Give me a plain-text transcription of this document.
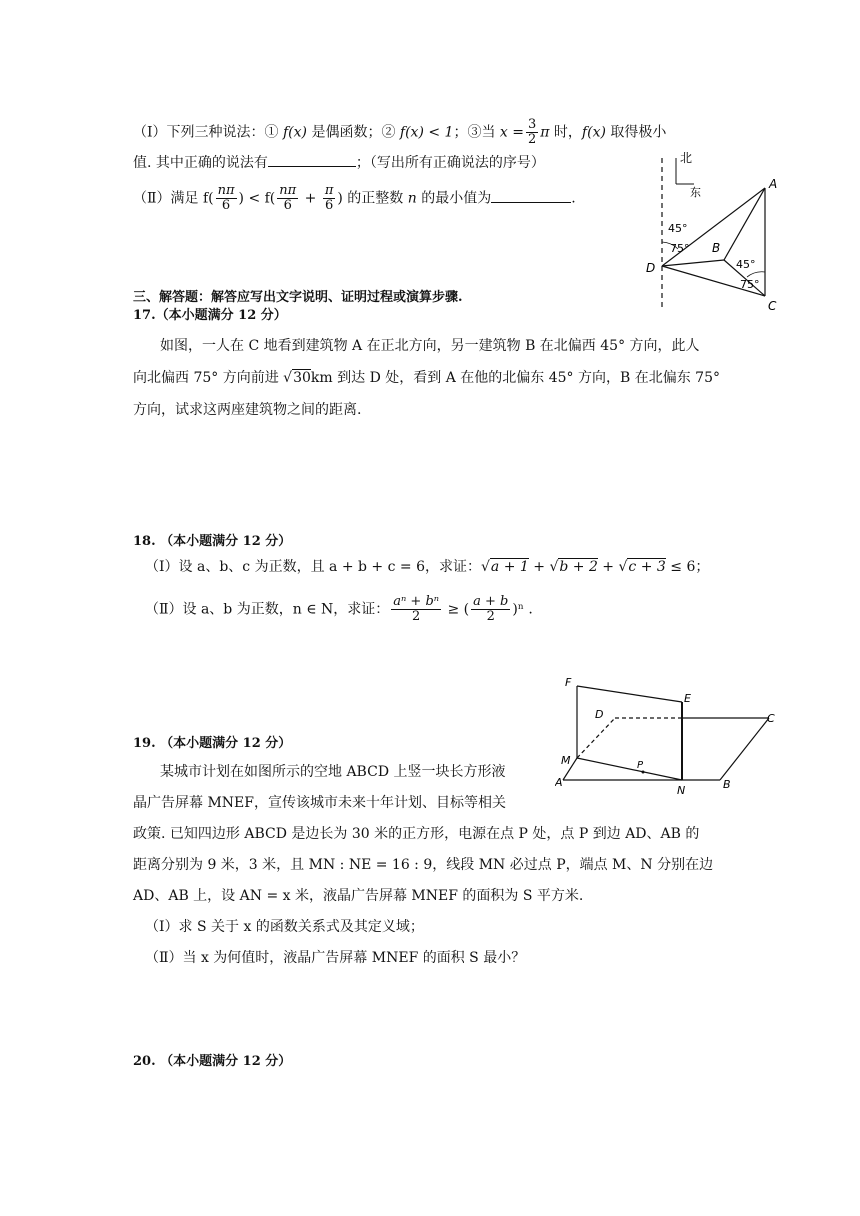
（Ⅰ）下列三种说法：① f(x) 是偶函数；② f(x) < 1；③当 $x = \frac{3}{2}$ π 时，f(x) 取得极小
值. 其中正确的说法有	；（写出所有正确说法的序号）
（Ⅱ）满足 $f( \frac{n\pi}{6}$ ) < $f( \frac{n\pi}{6} + \frac{\pi}{6}$ ) 的正整数 n 的最小值为	.
北
东
A
B
C
D
45°
75°
45°
75°
三、解答题：解答应写出文字说明、证明过程或演算步骤.
17.（本小题满分 12 分）
如图，一人在 C 地看到建筑物 A 在正北方向，另一建筑物 B 在北偏西 45° 方向，此人
向北偏西 75° 方向前进 √30km 到达 D 处，看到 A 在他的北偏东 45° 方向，B 在北偏东 75°
方向，试求这两座建筑物之间的距离.
18. （本小题满分 12 分）
（Ⅰ）设 a、b、c 为正数，且 a + b + c = 6，求证：√a + 1 + √b + 2 + √c + 3 ≤ 6；
（Ⅱ）设 a、b 为正数，n ∈ N，求证： $\frac{\text{aⁿ + bⁿ}}{2}$ ≥ ( $\frac{a + b}{2} )^n$ .
F
E
D	C
M	P
A
N	B
19. （本小题满分 12 分）
某城市计划在如图所示的空地 ABCD 上竖一块长方形液
晶广告屏幕 MNEF，宣传该城市未来十年计划、目标等相关
政策. 已知四边形 ABCD 是边长为 30 米的正方形，电源在点 P 处，点 P 到边 AD、AB 的
距离分别为 9 米，3 米，且 MN : NE = 16 : 9，线段 MN 必过点 P，端点 M、N 分别在边
AD、AB 上，设 AN = x 米，液晶广告屏幕 MNEF 的面积为 S 平方米.
（Ⅰ）求 S 关于 x 的函数关系式及其定义域；
（Ⅱ）当 x 为何值时，液晶广告屏幕 MNEF 的面积 S 最小？
20. （本小题满分 12 分）
